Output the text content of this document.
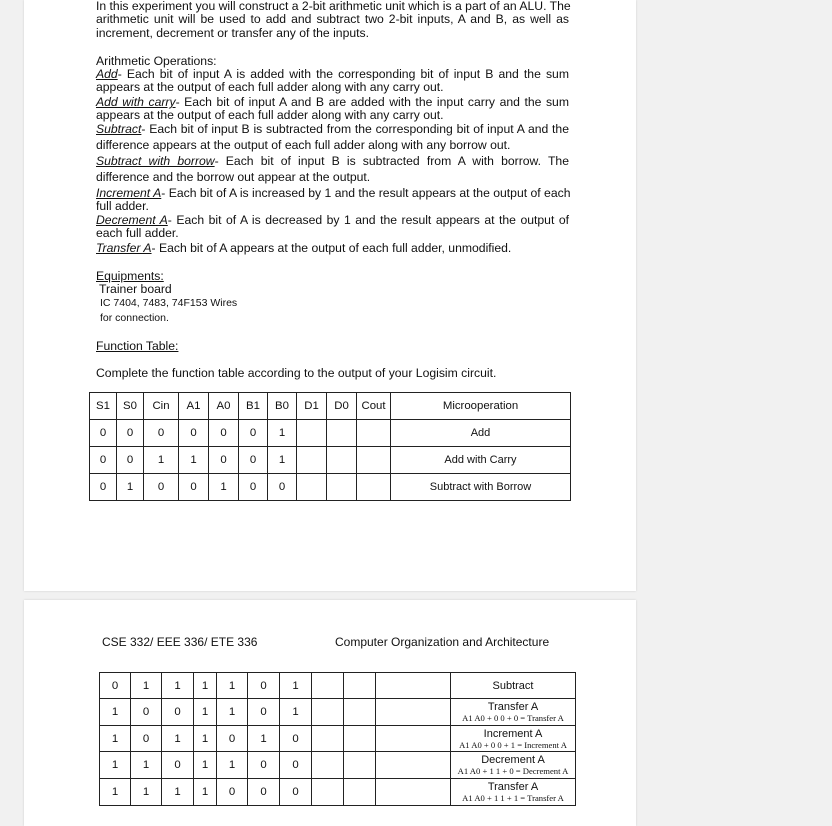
In this experiment you will construct a 2-bit arithmetic unit which is a part of an ALU. The
arithmetic unit will be used to add and subtract two 2-bit inputs, A and B, as well as
increment, decrement or transfer any of the inputs.
Arithmetic Operations:
Add- Each bit of input A is added with the corresponding bit of input B and the sum
appears at the output of each full adder along with any carry out.
Add with carry- Each bit of input A and B are added with the input carry and the sum
appears at the output of each full adder along with any carry out.
Subtract- Each bit of input B is subtracted from the corresponding bit of input A and the
difference appears at the output of each full adder along with any borrow out.
Subtract with borrow- Each bit of input B is subtracted from A with borrow. The
difference and the borrow out appear at the output.
Increment A- Each bit of A is increased by 1 and the result appears at the output of each
full adder.
Decrement A- Each bit of A is decreased by 1 and the result appears at the output of
each full adder.
Transfer A- Each bit of A appears at the output of each full adder, unmodified.
Equipments:
Trainer board
IC 7404, 7483, 74F153 Wires
for connection.
Function Table:
Complete the function table according to the output of your Logisim circuit.
S1	S0	Cin	A1	A0	B1	B0	D1	D0	Cout	Microoperation
0	0	0	0	0	0	1				Add
0	0	1	1	0	0	1				Add with Carry
0	1	0	0	1	0	0				Subtract with Borrow
CSE 332/ EEE 336/ ETE 336	Computer Organization and Architecture
0	1	1	1	1	0	1				Subtract
1	0	0	1	1	0	1				Transfer A
A1 A0 + 0 0 + 0 = Transfer A

1	0	1	1	0	1	0				Increment A
A1 A0 + 0 0 + 1 = Increment A

1	1	0	1	1	0	0				Decrement A
A1 A0 + 1 1 + 0 = Decrement A

1	1	1	1	0	0	0				Transfer A
A1 A0 + 1 1 + 1 = Transfer A
